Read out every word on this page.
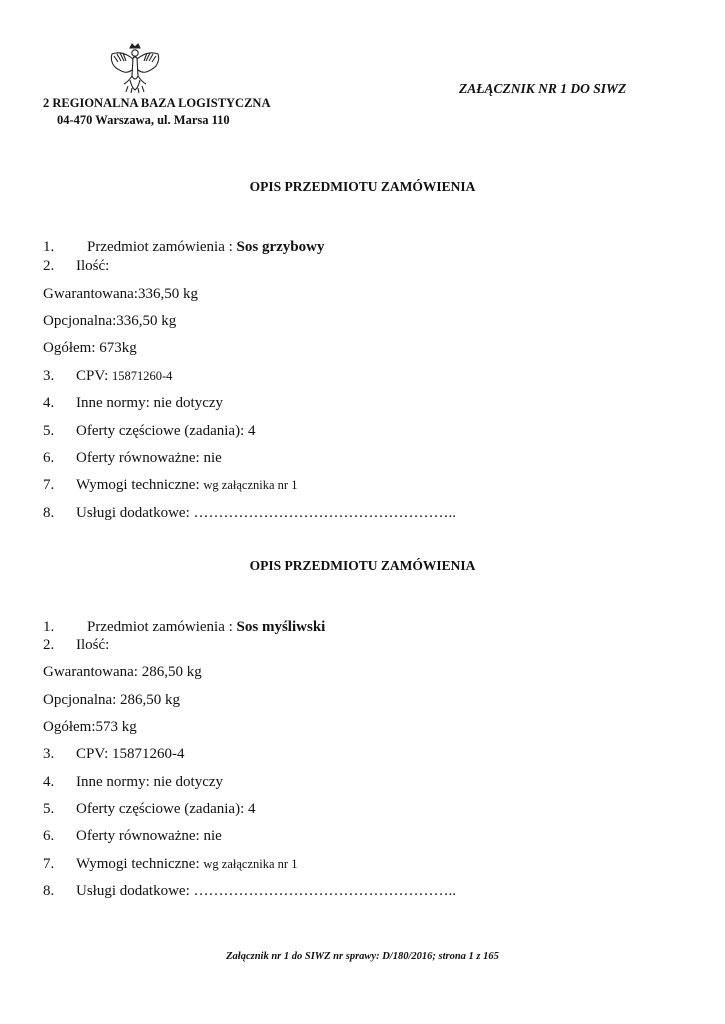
2 REGIONALNA BAZA LOGISTYCZNA
04-470 Warszawa, ul. Marsa 110
ZAŁĄCZNIK NR 1 DO SIWZ
OPIS PRZEDMIOTU ZAMÓWIENIA
1. Przedmiot zamówienia : Sos grzybowy
2. Ilość:
Gwarantowana:336,50 kg
Opcjonalna:336,50 kg
Ogółem: 673kg
3. CPV: 15871260-4
4. Inne normy: nie dotyczy
5. Oferty częściowe (zadania): 4
6. Oferty równoważne: nie
7. Wymogi techniczne: wg załącznika nr 1
8. Usługi dodatkowe: ……………………………………………..
OPIS PRZEDMIOTU ZAMÓWIENIA
1. Przedmiot zamówienia : Sos myśliwski
2. Ilość:
Gwarantowana: 286,50 kg
Opcjonalna: 286,50 kg
Ogółem:573 kg
3. CPV: 15871260-4
4. Inne normy: nie dotyczy
5. Oferty częściowe (zadania): 4
6. Oferty równoważne: nie
7. Wymogi techniczne: wg załącznika nr 1
8. Usługi dodatkowe: ……………………………………………..
Załącznik nr 1 do SIWZ nr sprawy: D/180/2016; strona 1 z 165
